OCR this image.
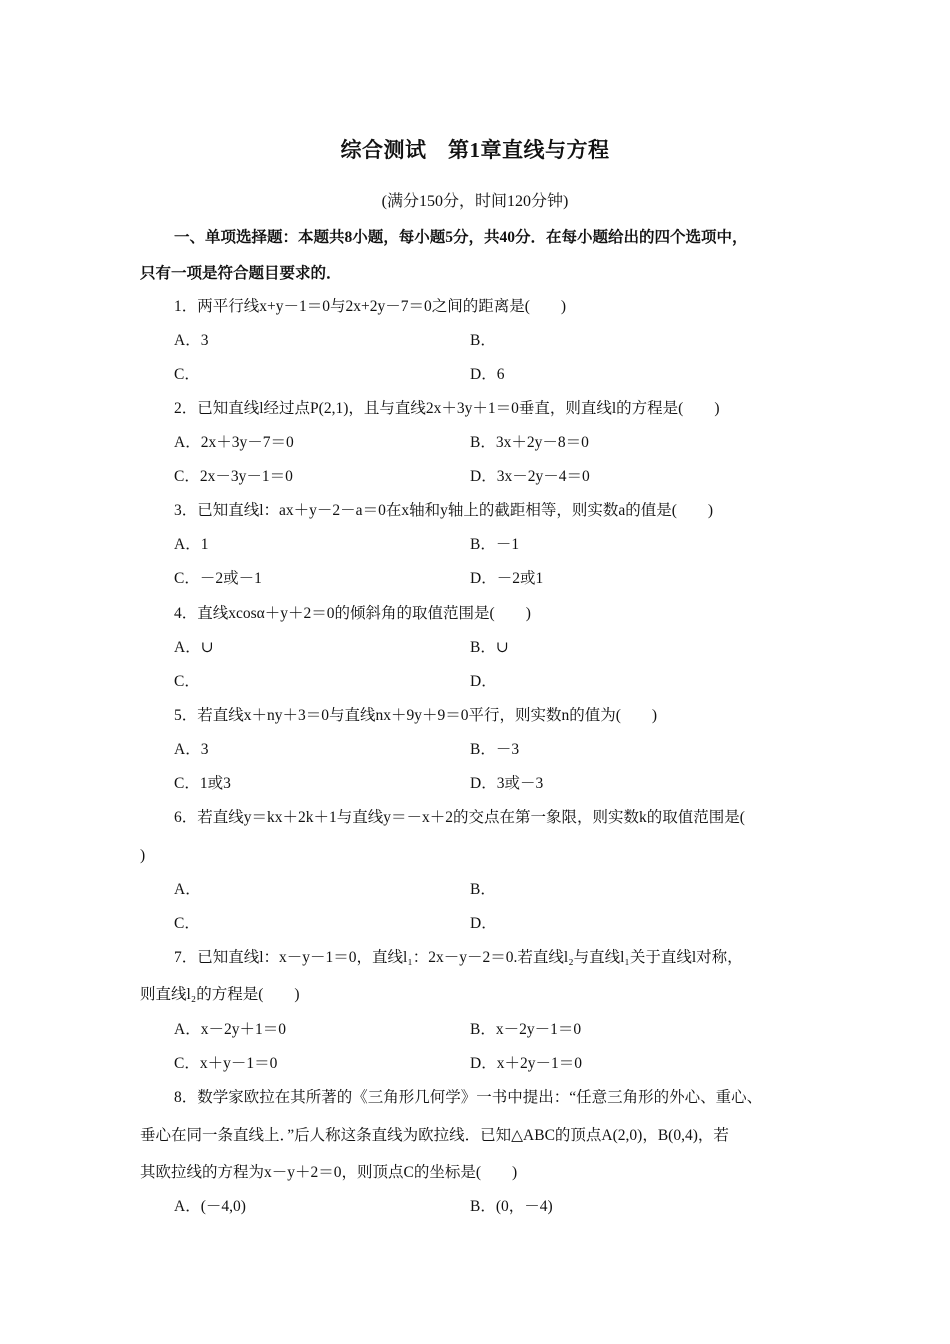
综合测试　第1章直线与方程
(满分150分，时间120分钟)
一、单项选择题：本题共8小题，每小题5分，共40分．在每小题给出的四个选项中，
只有一项是符合题目要求的．
1．两平行线x+y－1＝0与2x+2y－7＝0之间的距离是(　　)
A．3	B．
C．	D．6
2．已知直线l经过点P(2,1)，且与直线2x＋3y＋1＝0垂直，则直线l的方程是(　　)
A．2x＋3y－7＝0	B．3x＋2y－8＝0
C．2x－3y－1＝0	D．3x－2y－4＝0
3．已知直线l：ax＋y－2－a＝0在x轴和y轴上的截距相等，则实数a的值是(　　)
A．1	B．－1
C．－2或－1	D．－2或1
4．直线xcosα＋y＋2＝0的倾斜角的取值范围是(　　)
A．∪	B．∪
C．	D．
5．若直线x＋ny＋3＝0与直线nx＋9y＋9＝0平行，则实数n的值为(　　)
A．3	B．－3
C．1或3	D．3或－3
6．若直线y＝kx＋2k＋1与直线y＝－x＋2的交点在第一象限，则实数k的取值范围是(
)
A．	B．
C．	D．
7．已知直线l：x－y－1＝0，直线l₁：2x－y－2＝0.若直线l₂与直线l₁关于直线l对称，
则直线l₂的方程是(　　)
A．x－2y＋1＝0	B．x－2y－1＝0
C．x＋y－1＝0	D．x＋2y－1＝0
8．数学家欧拉在其所著的《三角形几何学》一书中提出：“任意三角形的外心、重心、
垂心在同一条直线上．”后人称这条直线为欧拉线．已知△ABC的顶点A(2,0)，B(0,4)，若
其欧拉线的方程为x－y＋2＝0，则顶点C的坐标是(　　)
A．(－4,0)	B．(0，－4)
